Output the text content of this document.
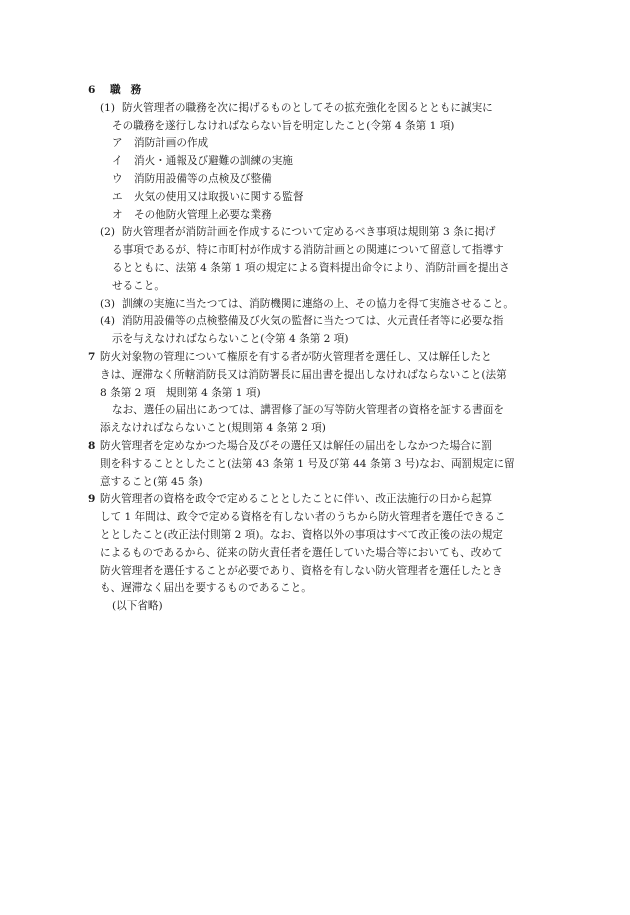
6 職務
(1) 防火管理者の職務を次に掲げるものとしてその拡充強化を図るとともに誠実に
その職務を遂行しなければならない旨を明定したこと(令第 4 条第 1 項)
ア 消防計画の作成
イ 消火・通報及び避難の訓練の実施
ウ 消防用設備等の点検及び整備
エ 火気の使用又は取扱いに関する監督
オ その他防火管理上必要な業務
(2) 防火管理者が消防計画を作成するについて定めるべき事項は規則第 3 条に掲げ
る事項であるが、特に市町村が作成する消防計画との関連について留意して指導す
るとともに、法第 4 条第 1 項の規定による資料提出命令により、消防計画を提出さ
せること。
(3) 訓練の実施に当たつては、消防機関に連絡の上、その協力を得て実施させること。
(4) 消防用設備等の点検整備及び火気の監督に当たつては、火元責任者等に必要な指
示を与えなければならないこと(令第 4 条第 2 項)
7 防火対象物の管理について権原を有する者が防火管理者を選任し、又は解任したと
きは、遅滞なく所轄消防長又は消防署長に届出書を提出しなければならないこと(法第
8 条第 2 項　規則第 4 条第 1 項)
なお、選任の届出にあつては、講習修了証の写等防火管理者の資格を証する書面を
添えなければならないこと(規則第 4 条第 2 項)
8 防火管理者を定めなかつた場合及びその選任又は解任の届出をしなかつた場合に罰
則を科することとしたこと(法第 43 条第 1 号及び第 44 条第 3 号)なお、両罰規定に留
意すること(第 45 条)
9 防火管理者の資格を政令で定めることとしたことに伴い、改正法施行の日から起算
して 1 年間は、政令で定める資格を有しない者のうちから防火管理者を選任できるこ
ととしたこと(改正法付則第 2 項)。なお、資格以外の事項はすべて改正後の法の規定
によるものであるから、従来の防火責任者を選任していた場合等においても、改めて
防火管理者を選任することが必要であり、資格を有しない防火管理者を選任したとき
も、遅滞なく届出を要するものであること。
(以下省略)
